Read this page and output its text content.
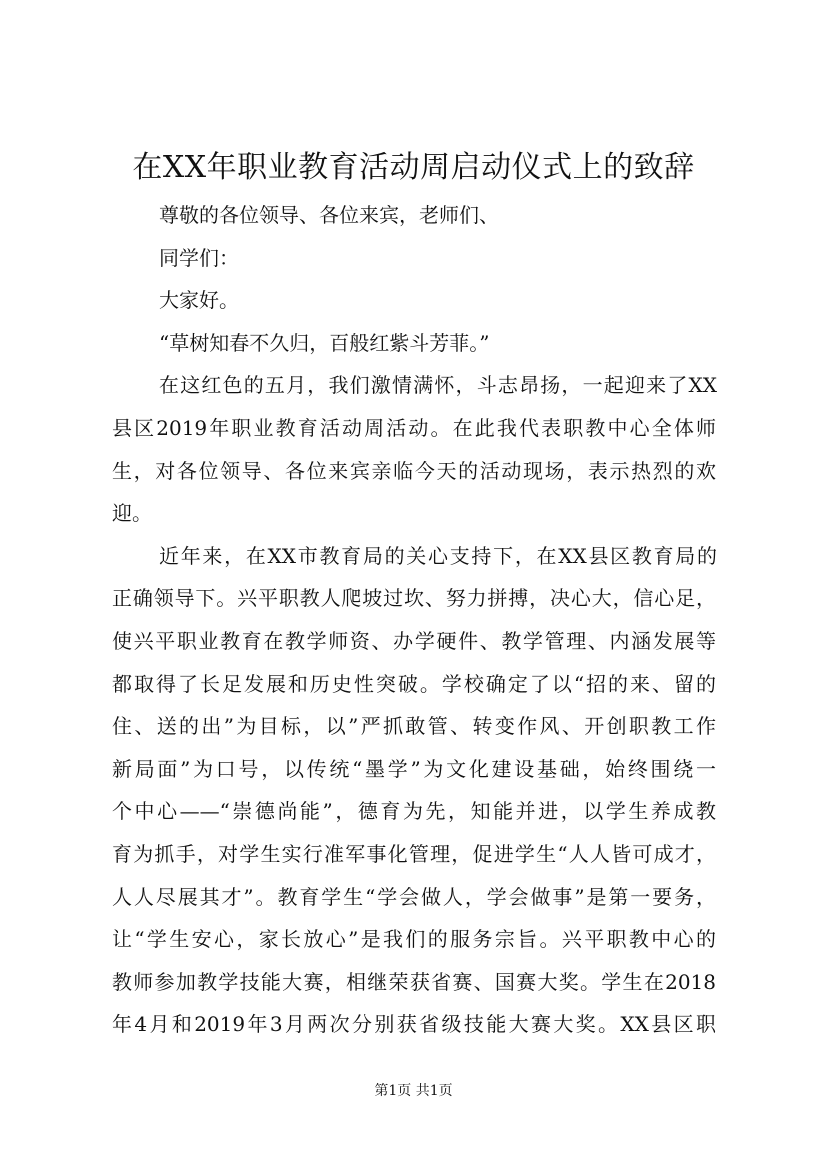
在XX年职业教育活动周启动仪式上的致辞
尊敬的各位领导、各位来宾，老师们、
同学们：
大家好。
“草树知春不久归，百般红紫斗芳菲。”
在这红色的五月，我们激情满怀，斗志昂扬，一起迎来了XX
县区2019年职业教育活动周活动。在此我代表职教中心全体师
生，对各位领导、各位来宾亲临今天的活动现场，表示热烈的欢
迎。
近年来，在XX市教育局的关心支持下，在XX县区教育局的
正确领导下。兴平职教人爬坡过坎、努力拼搏，决心大，信心足，
使兴平职业教育在教学师资、办学硬件、教学管理、内涵发展等
都取得了长足发展和历史性突破。学校确定了以“招的来、留的
住、送的出”为目标，以”严抓敢管、转变作风、开创职教工作
新局面”为口号，以传统“墨学”为文化建设基础，始终围绕一
个中心——“崇德尚能”，德育为先，知能并进，以学生养成教
育为抓手，对学生实行准军事化管理，促进学生“人人皆可成才，
人人尽展其才”。教育学生“学会做人，学会做事”是第一要务，
让“学生安心，家长放心”是我们的服务宗旨。兴平职教中心的
教师参加教学技能大赛，相继荣获省赛、国赛大奖。学生在2018
年4月和2019年3月两次分别获省级技能大赛大奖。XX县区职
第1页 共1页
